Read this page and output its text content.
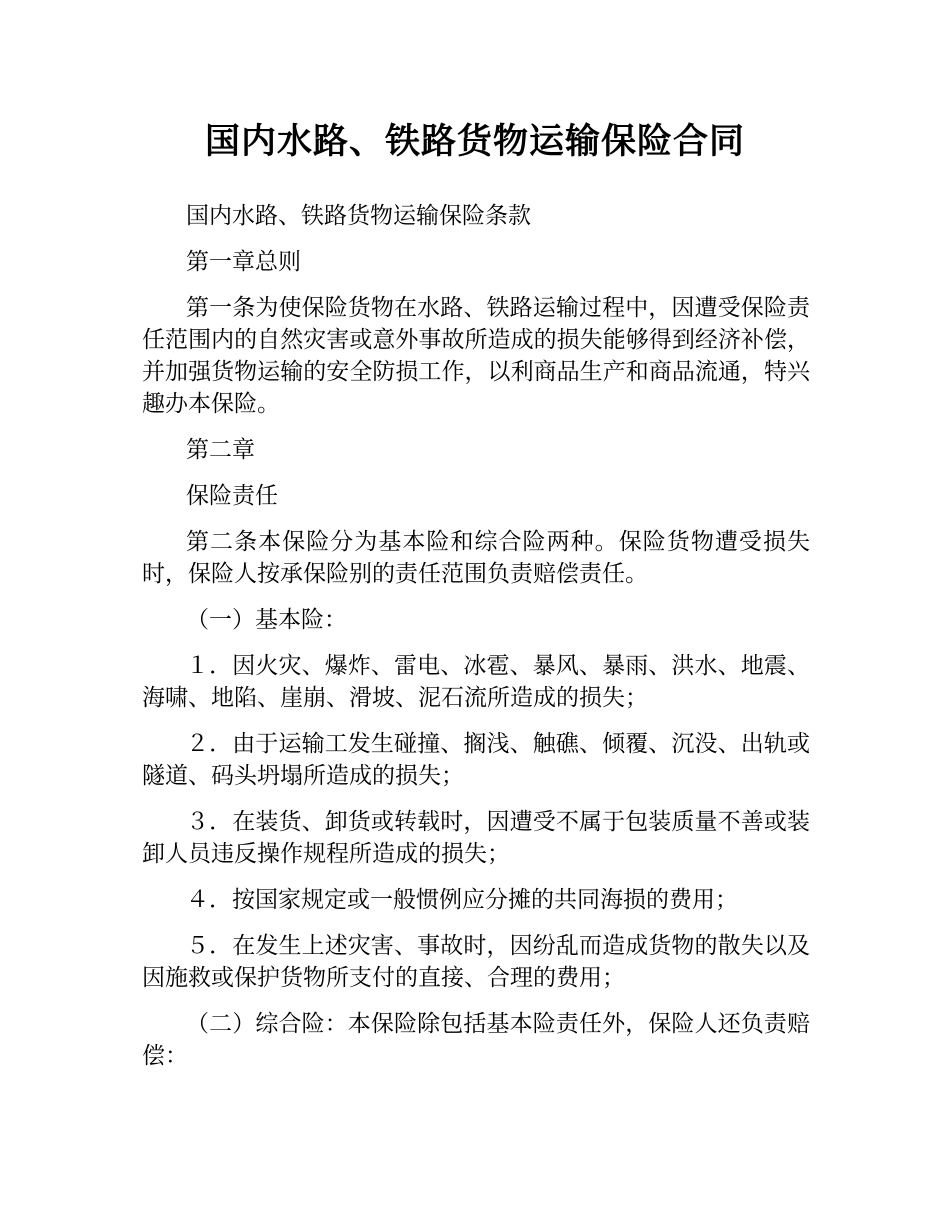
国内水路、铁路货物运输保险合同

国内水路、铁路货物运输保险条款

第一章总则

第一条为使保险货物在水路、铁路运输过程中，因遭受保险责任范围内的自然灾害或意外事故所造成的损失能够得到经济补偿，并加强货物运输的安全防损工作，以利商品生产和商品流通，特兴趣办本保险。

第二章

保险责任

第二条本保险分为基本险和综合险两种。保险货物遭受损失时，保险人按承保险别的责任范围负责赔偿责任。

（一）基本险：

１．因火灾、爆炸、雷电、冰雹、暴风、暴雨、洪水、地震、海啸、地陷、崖崩、滑坡、泥石流所造成的损失；

２．由于运输工发生碰撞、搁浅、触礁、倾覆、沉没、出轨或隧道、码头坍塌所造成的损失；

３．在装货、卸货或转载时，因遭受不属于包装质量不善或装卸人员违反操作规程所造成的损失；

４．按国家规定或一般惯例应分摊的共同海损的费用；

５．在发生上述灾害、事故时，因纷乱而造成货物的散失以及因施救或保护货物所支付的直接、合理的费用；

（二）综合险：本保险除包括基本险责任外，保险人还负责赔偿：
